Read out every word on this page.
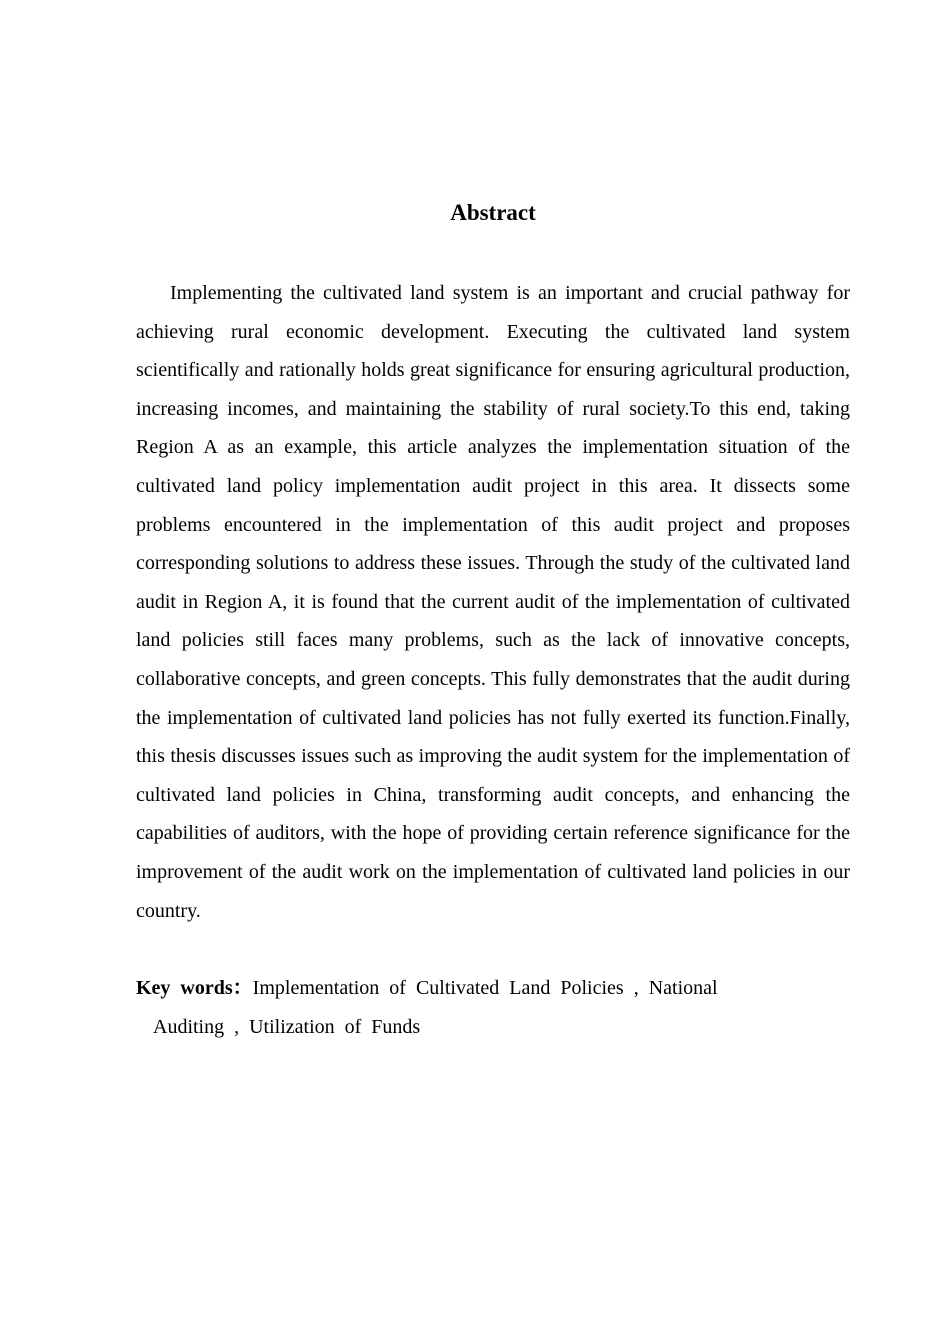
Abstract

Implementing the cultivated land system is an important and crucial pathway for achieving rural economic development. Executing the cultivated land system scientifically and rationally holds great significance for ensuring agricultural production, increasing incomes, and maintaining the stability of rural society.To this end, taking Region A as an example, this article analyzes the implementation situation of the cultivated land policy implementation audit project in this area. It dissects some problems encountered in the implementation of this audit project and proposes corresponding solutions to address these issues. Through the study of the cultivated land audit in Region A, it is found that the current audit of the implementation of cultivated land policies still faces many problems, such as the lack of innovative concepts, collaborative concepts, and green concepts. This fully demonstrates that the audit during the implementation of cultivated land policies has not fully exerted its function.Finally, this thesis discusses issues such as improving the audit system for the implementation of cultivated land policies in China, transforming audit concepts, and enhancing the capabilities of auditors, with the hope of providing certain reference significance for the improvement of the audit work on the implementation of cultivated land policies in our country.

Key words：Implementation of Cultivated Land Policies , National
Auditing , Utilization of Funds
